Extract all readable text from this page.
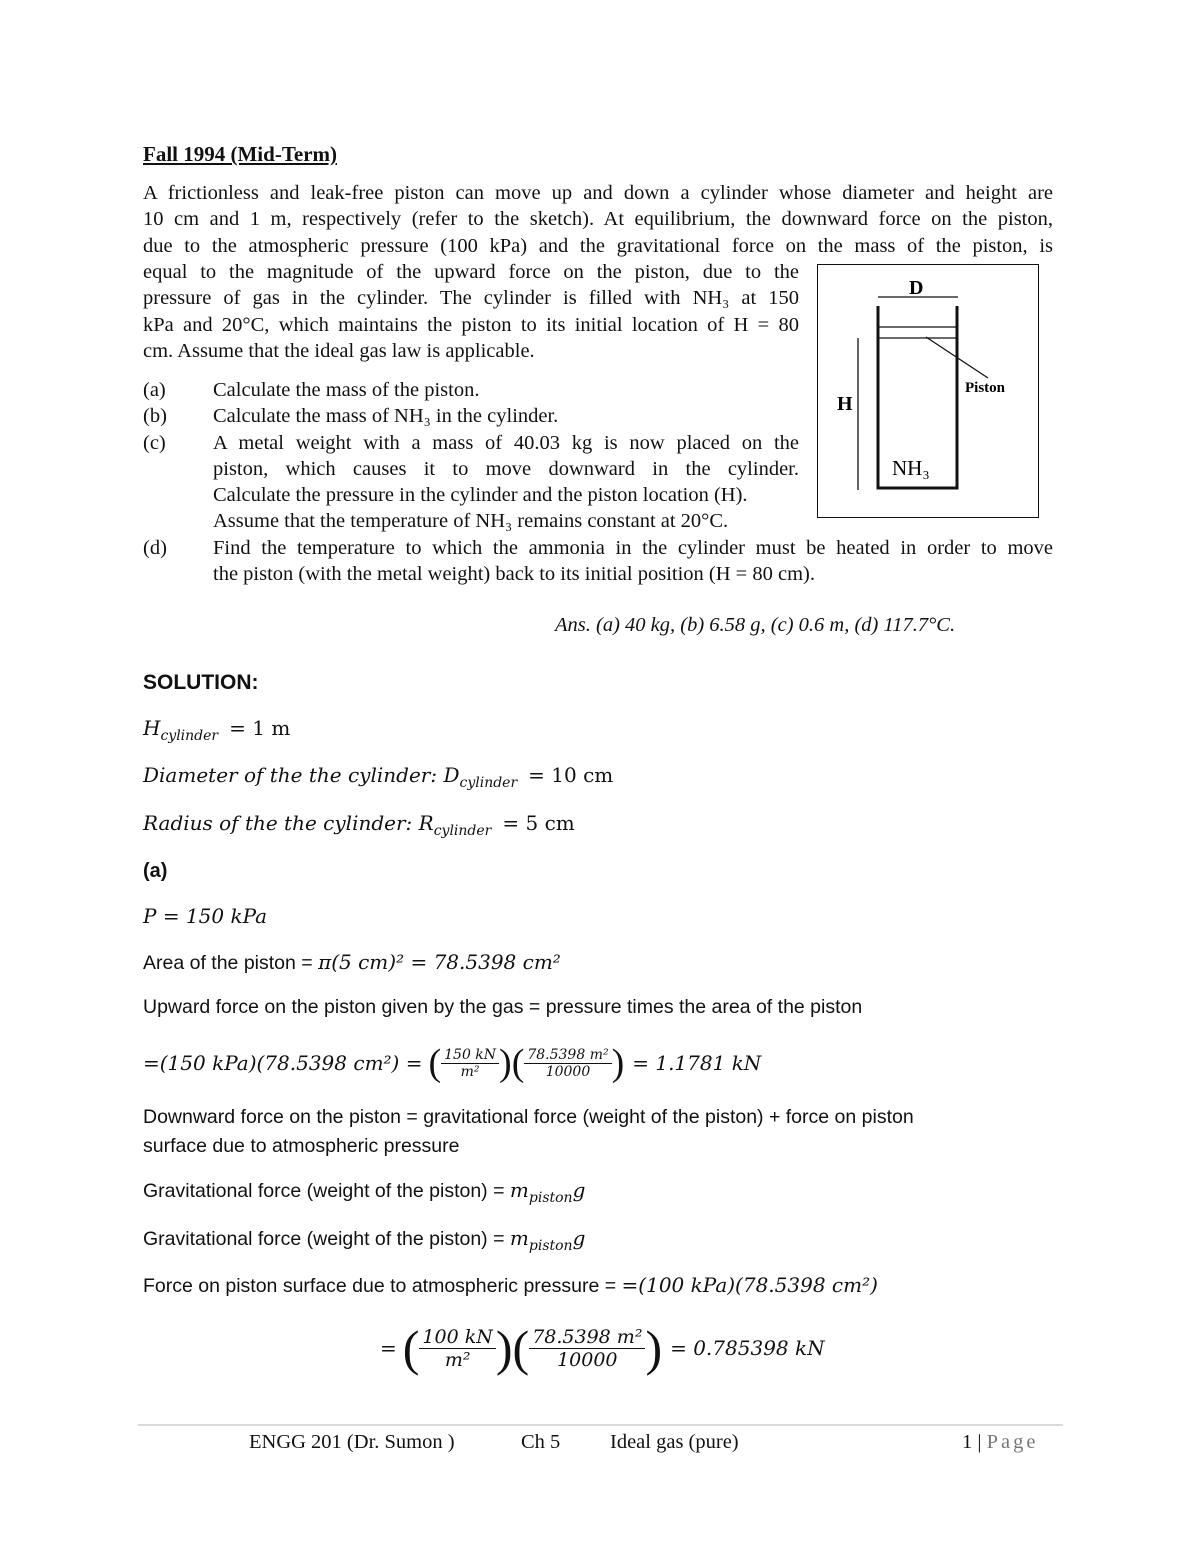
Fall 1994 (Mid-Term)
A frictionless and leak-free piston can move up and down a cylinder whose diameter and height are
10 cm and 1 m, respectively (refer to the sketch). At equilibrium, the downward force on the piston,
due to the atmospheric pressure (100 kPa) and the gravitational force on the mass of the piston, is
equal to the magnitude of the upward force on the piston, due to the
pressure of gas in the cylinder. The cylinder is filled with NH₃ at 150
kPa and 20°C, which maintains the piston to its initial location of H = 80
cm. Assume that the ideal gas law is applicable.
(a)	Calculate the mass of the piston.
(b)	Calculate the mass of NH₃ in the cylinder.
(c)	A metal weight with a mass of 40.03 kg is now placed on the
piston, which causes it to move downward in the cylinder.
Calculate the pressure in the cylinder and the piston location (H).
Assume that the temperature of NH₃ remains constant at 20°C.
(d)	Find the temperature to which the ammonia in the cylinder must be heated in order to move
the piston (with the metal weight) back to its initial position (H = 80 cm).
Ans. (a) 40 kg, (b) 6.58 g, (c) 0.6 m, (d) 117.7°C.
D
H
Piston
NH₃
SOLUTION:
$H_{cylinder} = 1$ m
Diameter of the the cylinder: $D_{cylinder} = 10$ cm
Radius of the the cylinder: $R_{cylinder} = 5$ cm
(a)
P = 150 kPa
Area of the piston = π(5 cm)² = 78.5398 cm²
Upward force on the piston given by the gas = pressure times the area of the piston
=(150 kPa)(78.5398 cm²) = ( $\frac{150 kN}{\text{m²}}$ ) ( $\frac{\text{78.5398 m²}}{10000}$ ) = 1.1781 kN
Downward force on the piston = gravitational force (weight of the piston) + force on piston
surface due to atmospheric pressure
Gravitational force (weight of the piston) = $m_{piston}g$
Gravitational force (weight of the piston) = $m_{piston}g$
Force on piston surface due to atmospheric pressure = =(100 kPa)(78.5398 cm²)
= ( $\frac{100 kN}{\text{m²}}$ ) ( $\frac{\text{78.5398 m²}}{10000}$ ) = 0.785398 kN
ENGG 201 (Dr. Sumon )	Ch 5 Ideal gas (pure)	1 | Page
